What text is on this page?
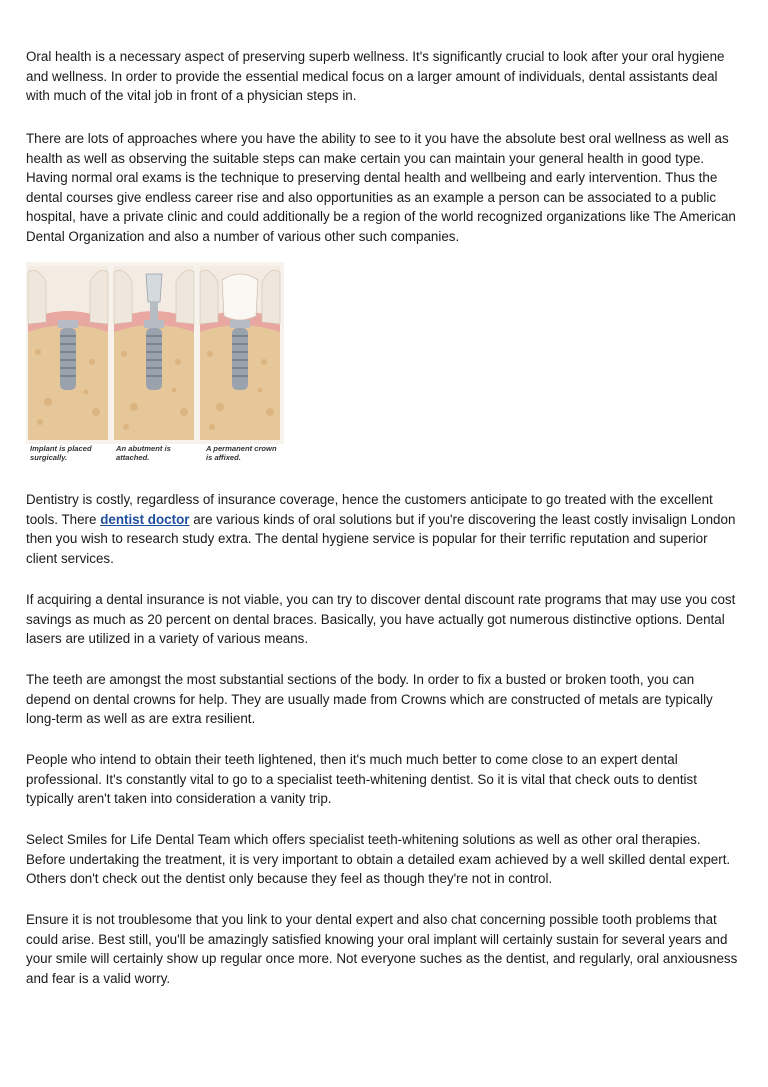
Oral health is a necessary aspect of preserving superb wellness. It's significantly crucial to look after your oral hygiene and wellness. In order to provide the essential medical focus on a larger amount of individuals, dental assistants deal with much of the vital job in front of a physician steps in.

There are lots of approaches where you have the ability to see to it you have the absolute best oral wellness as well as health as well as observing the suitable steps can make certain you can maintain your general health in good type. Having normal oral exams is the technique to preserving dental health and wellbeing and early intervention. Thus the dental courses give endless career rise and also opportunities as an example a person can be associated to a public hospital, have a private clinic and could additionally be a region of the world recognized organizations like The American Dental Organization and also a number of various other such companies.

Implant is placed surgically.
An abutment is attached.
A permanent crown is affixed.

Dentistry is costly, regardless of insurance coverage, hence the customers anticipate to go treated with the excellent tools. There dentist doctor are various kinds of oral solutions but if you're discovering the least costly invisalign London then you wish to research study extra. The dental hygiene service is popular for their terrific reputation and superior client services.

If acquiring a dental insurance is not viable, you can try to discover dental discount rate programs that may use you cost savings as much as 20 percent on dental braces. Basically, you have actually got numerous distinctive options. Dental lasers are utilized in a variety of various means.

The teeth are amongst the most substantial sections of the body. In order to fix a busted or broken tooth, you can depend on dental crowns for help. They are usually made from Crowns which are constructed of metals are typically long-term as well as are extra resilient.

People who intend to obtain their teeth lightened, then it's much much better to come close to an expert dental professional. It's constantly vital to go to a specialist teeth-whitening dentist. So it is vital that check outs to dentist typically aren't taken into consideration a vanity trip.

Select Smiles for Life Dental Team which offers specialist teeth-whitening solutions as well as other oral therapies. Before undertaking the treatment, it is very important to obtain a detailed exam achieved by a well skilled dental expert. Others don't check out the dentist only because they feel as though they're not in control.

Ensure it is not troublesome that you link to your dental expert and also chat concerning possible tooth problems that could arise. Best still, you'll be amazingly satisfied knowing your oral implant will certainly sustain for several years and your smile will certainly show up regular once more. Not everyone suches as the dentist, and regularly, oral anxiousness and fear is a valid worry.
